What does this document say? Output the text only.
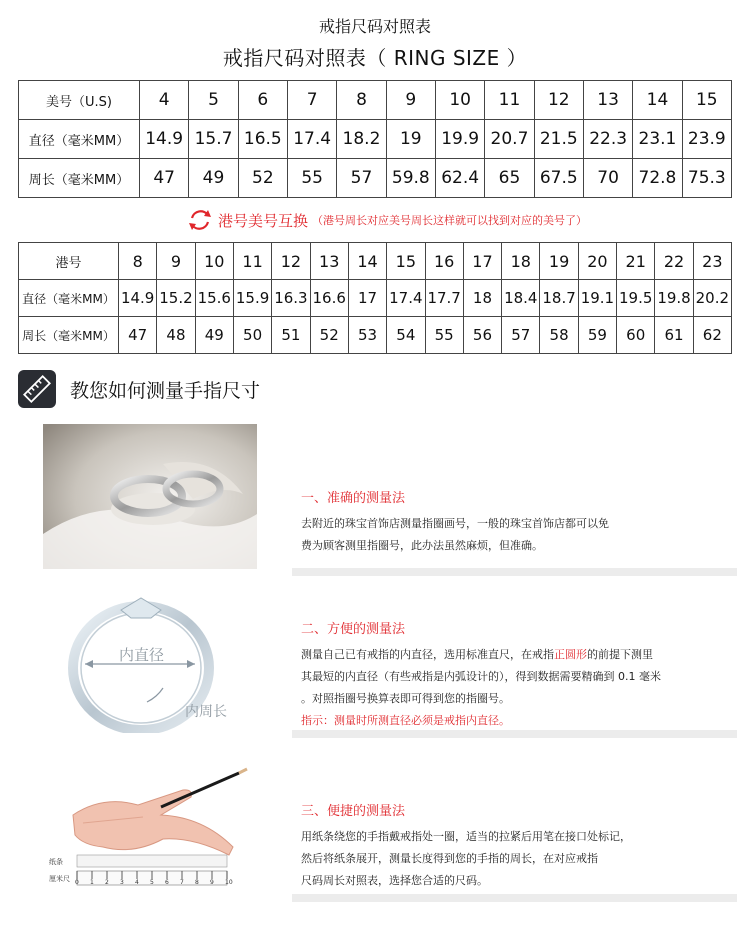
戒指尺码对照表
戒指尺码对照表（ RING SIZE ）
美号（U.S)	4	5	6	7	8	9	10	11	12	13	14	15
直径（毫米MM）	14.9	15.7	16.5	17.4	18.2	19	19.9	20.7	21.5	22.3	23.1	23.9
周长（毫米MM）	47	49	52	55	57	59.8	62.4	65	67.5	70	72.8	75.3
港号美号互换 （港号周长对应美号周长这样就可以找到对应的美号了）
港号	8	9	10	11	12	13	14	15	16	17	18	19	20	21	22	23
直径（毫米MM）	14.9	15.2	15.6	15.9	16.3	16.6	17	17.4	17.7	18	18.4	18.7	19.1	19.5	19.8	20.2
周长（毫米MM）	47	48	49	50	51	52	53	54	55	56	57	58	59	60	61	62
教您如何测量手指尺寸
内直径
内周长
纸条
厘米尺 0 1 2 3 4 5 6 7 8 9 10
一、准确的测量法
去附近的珠宝首饰店测量指圈画号，一般的珠宝首饰店都可以免
费为顾客测里指圈号，此办法虽然麻烦，但准确。
二、方便的测量法
测量自己已有戒指的内直径，选用标准直尺，在戒指正圆形的前提下测里
其最短的内直径（有些戒指是内弧设计的），得到数据需要精确到 0.1 毫米
。对照指圈号换算表即可得到您的指圈号。
指示：测量时所测直径必须是戒指内直径。
三、便捷的测量法
用纸条绕您的手指戴戒指处一圈，适当的拉紧后用笔在接口处标记，
然后将纸条展开，测量长度得到您的手指的周长，在对应戒指
尺码周长对照表，选择您合适的尺码。
